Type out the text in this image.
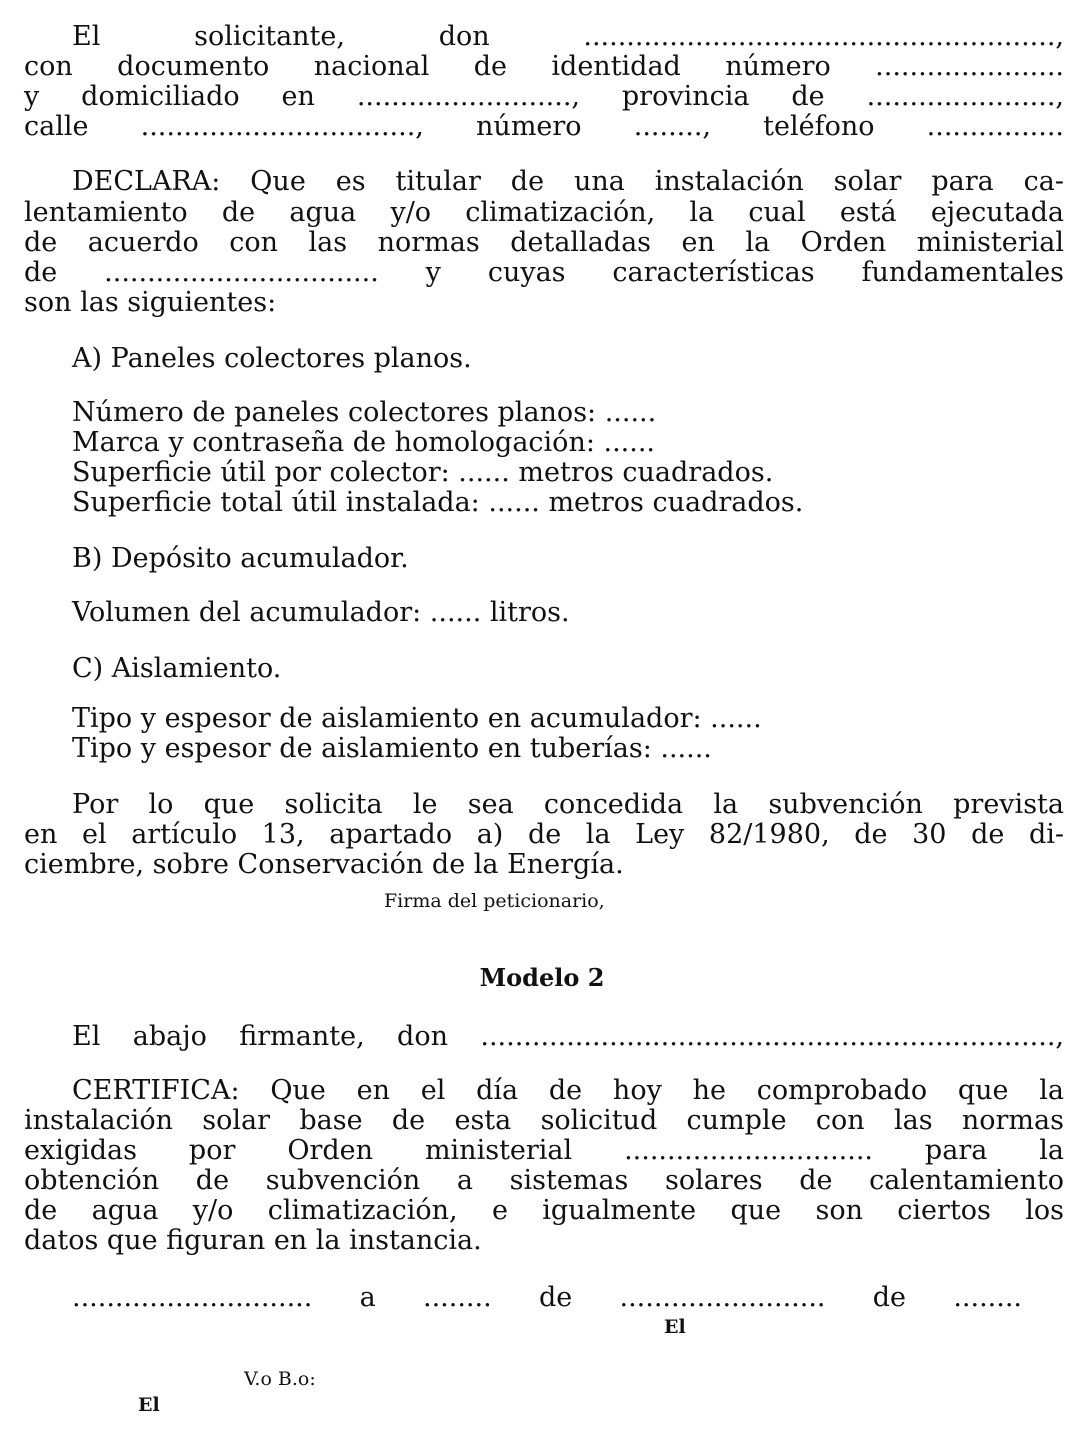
El solicitante, don .......................................................,
con documento nacional de identidad número ......................
y domiciliado en ........................., provincia de ......................,
calle ................................, número ........, teléfono ................
DECLARA: Que es titular de una instalación solar para ca-
lentamiento de agua y/o climatización, la cual está ejecutada
de acuerdo con las normas detalladas en la Orden ministerial
de ................................ y cuyas características fundamentales
son las siguientes:
A) Paneles colectores planos.
Número de paneles colectores planos: ......
Marca y contraseña de homologación: ......
Superficie útil por colector: ...... metros cuadrados.
Superficie total útil instalada: ...... metros cuadrados.
B) Depósito acumulador.
Volumen del acumulador: ...... litros.
C) Aislamiento.
Tipo y espesor de aislamiento en acumulador: ......
Tipo y espesor de aislamiento en tuberías: ......
Por lo que solicita le sea concedida la subvención prevista
en el artículo 13, apartado a) de la Ley 82/1980, de 30 de di-
ciembre, sobre Conservación de la Energía.
Firma del peticionario,
Modelo 2
El abajo firmante, don ...................................................................,
CERTIFICA: Que en el día de hoy he comprobado que la
instalación solar base de esta solicitud cumple con las normas
exigidas por Orden ministerial ............................. para la
obtención de subvención a sistemas solares de calentamiento
de agua y/o climatización, e igualmente que son ciertos los
datos que figuran en la instancia.
............................ a ........ de ........................ de ........
El
V.o B.o:
El
